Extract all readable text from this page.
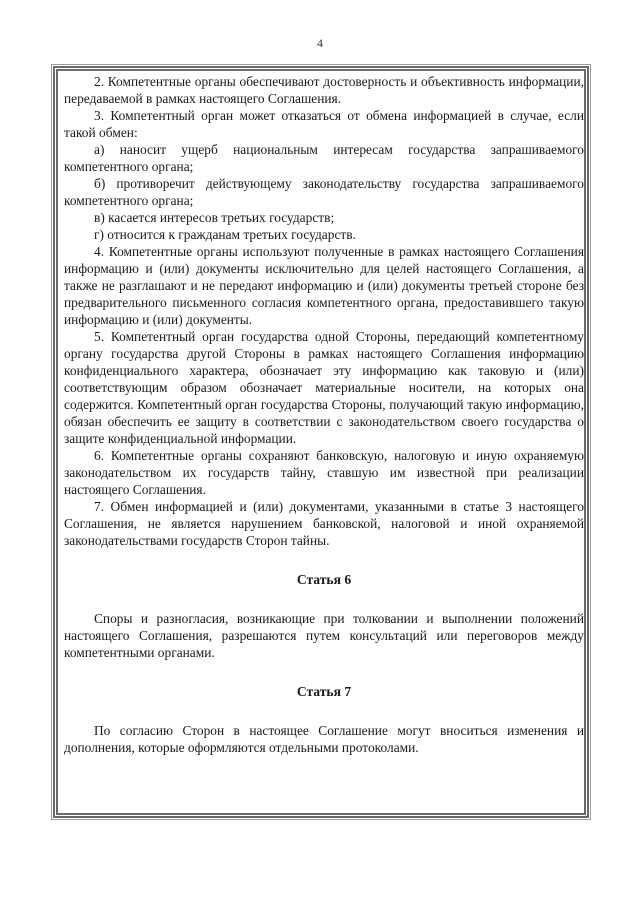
4

2. Компетентные органы обеспечивают достоверность и объективность информации, передаваемой в рамках настоящего Соглашения.

3. Компетентный орган может отказаться от обмена информацией в случае, если такой обмен:

а) наносит ущерб национальным интересам государства запрашиваемого компетентного органа;

б) противоречит действующему законодательству государства запрашиваемого компетентного органа;

в) касается интересов третьих государств;

г) относится к гражданам третьих государств.

4. Компетентные органы используют полученные в рамках настоящего Соглашения информацию и (или) документы исключительно для целей настоящего Соглашения, а также не разглашают и не передают информацию и (или) документы третьей стороне без предварительного письменного согласия компетентного органа, предоставившего такую информацию и (или) документы.

5. Компетентный орган государства одной Стороны, передающий компетентному органу государства другой Стороны в рамках настоящего Соглашения информацию конфиденциального характера, обозначает эту информацию как таковую и (или) соответствующим образом обозначает материальные носители, на которых она содержится. Компетентный орган государства Стороны, получающий такую информацию, обязан обеспечить ее защиту в соответствии с законодательством своего государства о защите конфиденциальной информации.

6. Компетентные органы сохраняют банковскую, налоговую и иную охраняемую законодательством их государств тайну, ставшую им известной при реализации настоящего Соглашения.

7. Обмен информацией и (или) документами, указанными в статье 3 настоящего Соглашения, не является нарушением банковской, налоговой и иной охраняемой законодательствами государств Сторон тайны.

Статья 6

Споры и разногласия, возникающие при толковании и выполнении положений настоящего Соглашения, разрешаются путем консультаций или переговоров между компетентными органами.

Статья 7

По согласию Сторон в настоящее Соглашение могут вноситься изменения и дополнения, которые оформляются отдельными протоколами.
